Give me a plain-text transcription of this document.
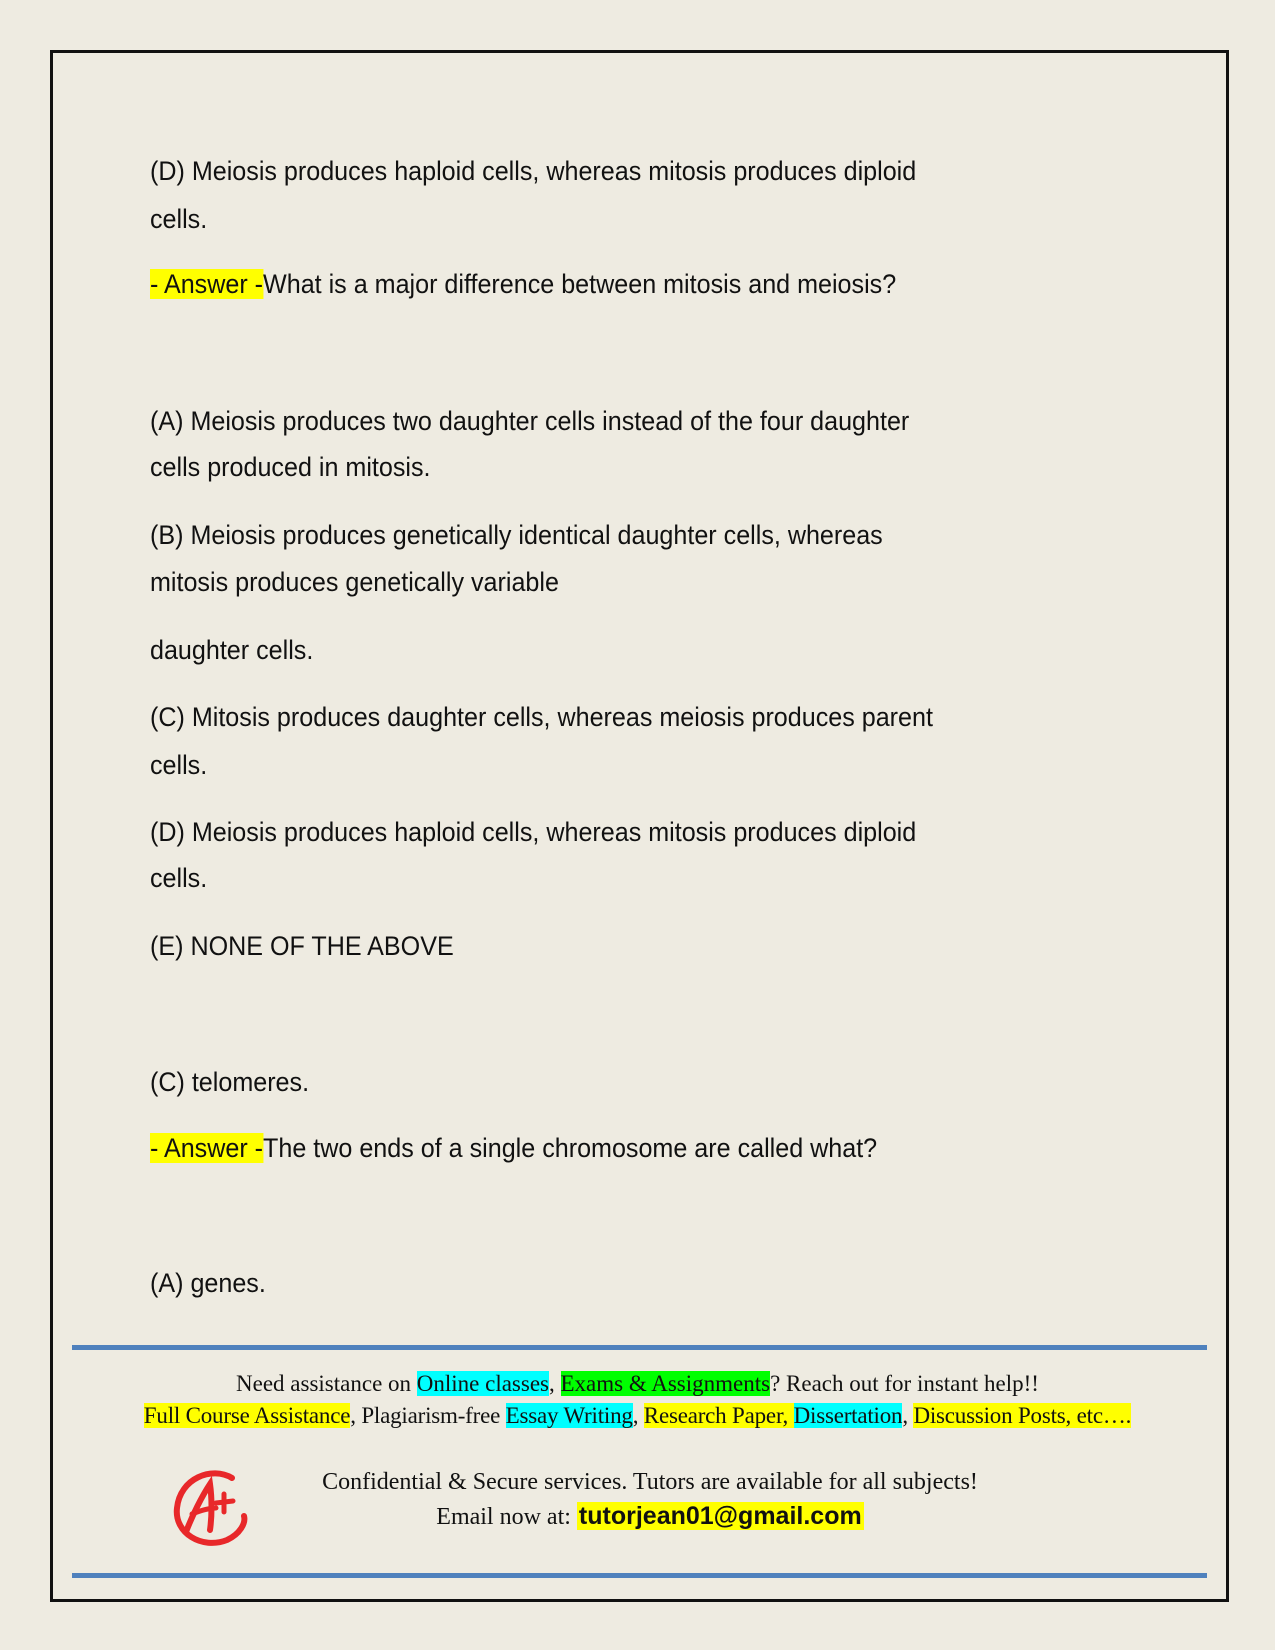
(D) Meiosis produces haploid cells, whereas mitosis produces diploid
cells.
- Answer -What is a major difference between mitosis and meiosis?
(A) Meiosis produces two daughter cells instead of the four daughter
cells produced in mitosis.
(B) Meiosis produces genetically identical daughter cells, whereas
mitosis produces genetically variable
daughter cells.
(C) Mitosis produces daughter cells, whereas meiosis produces parent
cells.
(D) Meiosis produces haploid cells, whereas mitosis produces diploid
cells.
(E) NONE OF THE ABOVE
(C) telomeres.
- Answer -The two ends of a single chromosome are called what?
(A) genes.
Need assistance on Online classes, Exams & Assignments? Reach out for instant help!!
Full Course Assistance, Plagiarism-free Essay Writing, Research Paper, Dissertation, Discussion Posts, etc….
Confidential & Secure services. Tutors are available for all subjects!
Email now at: tutorjean01@gmail.com
